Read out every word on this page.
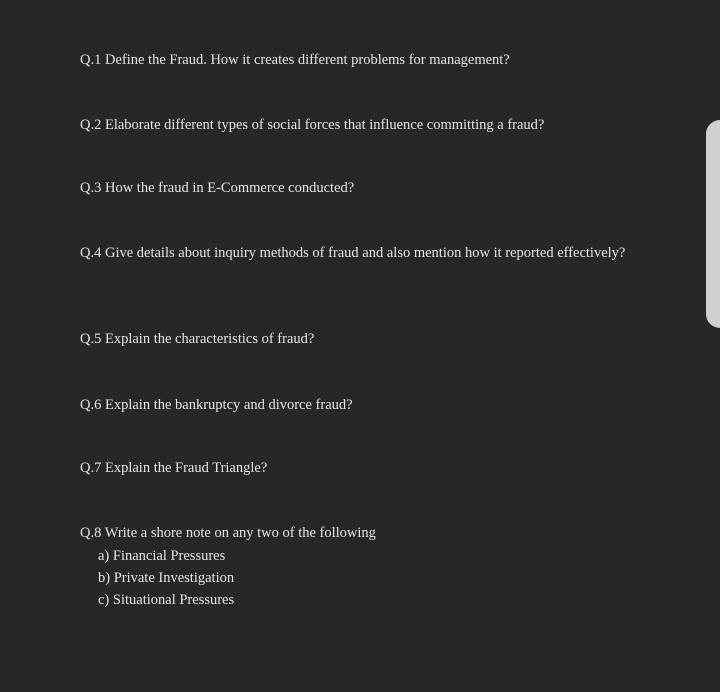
Q.1 Define the Fraud. How it creates different problems for management?

Q.2 Elaborate different types of social forces that influence committing a fraud?

Q.3 How the fraud in E-Commerce conducted?

Q.4 Give details about inquiry methods of fraud and also mention how it reported effectively?

Q.5 Explain the characteristics of fraud?

Q.6 Explain the bankruptcy and divorce fraud?

Q.7 Explain the Fraud Triangle?

Q.8 Write a shore note on any two of the following

a) Financial Pressures
b) Private Investigation
c) Situational Pressures
